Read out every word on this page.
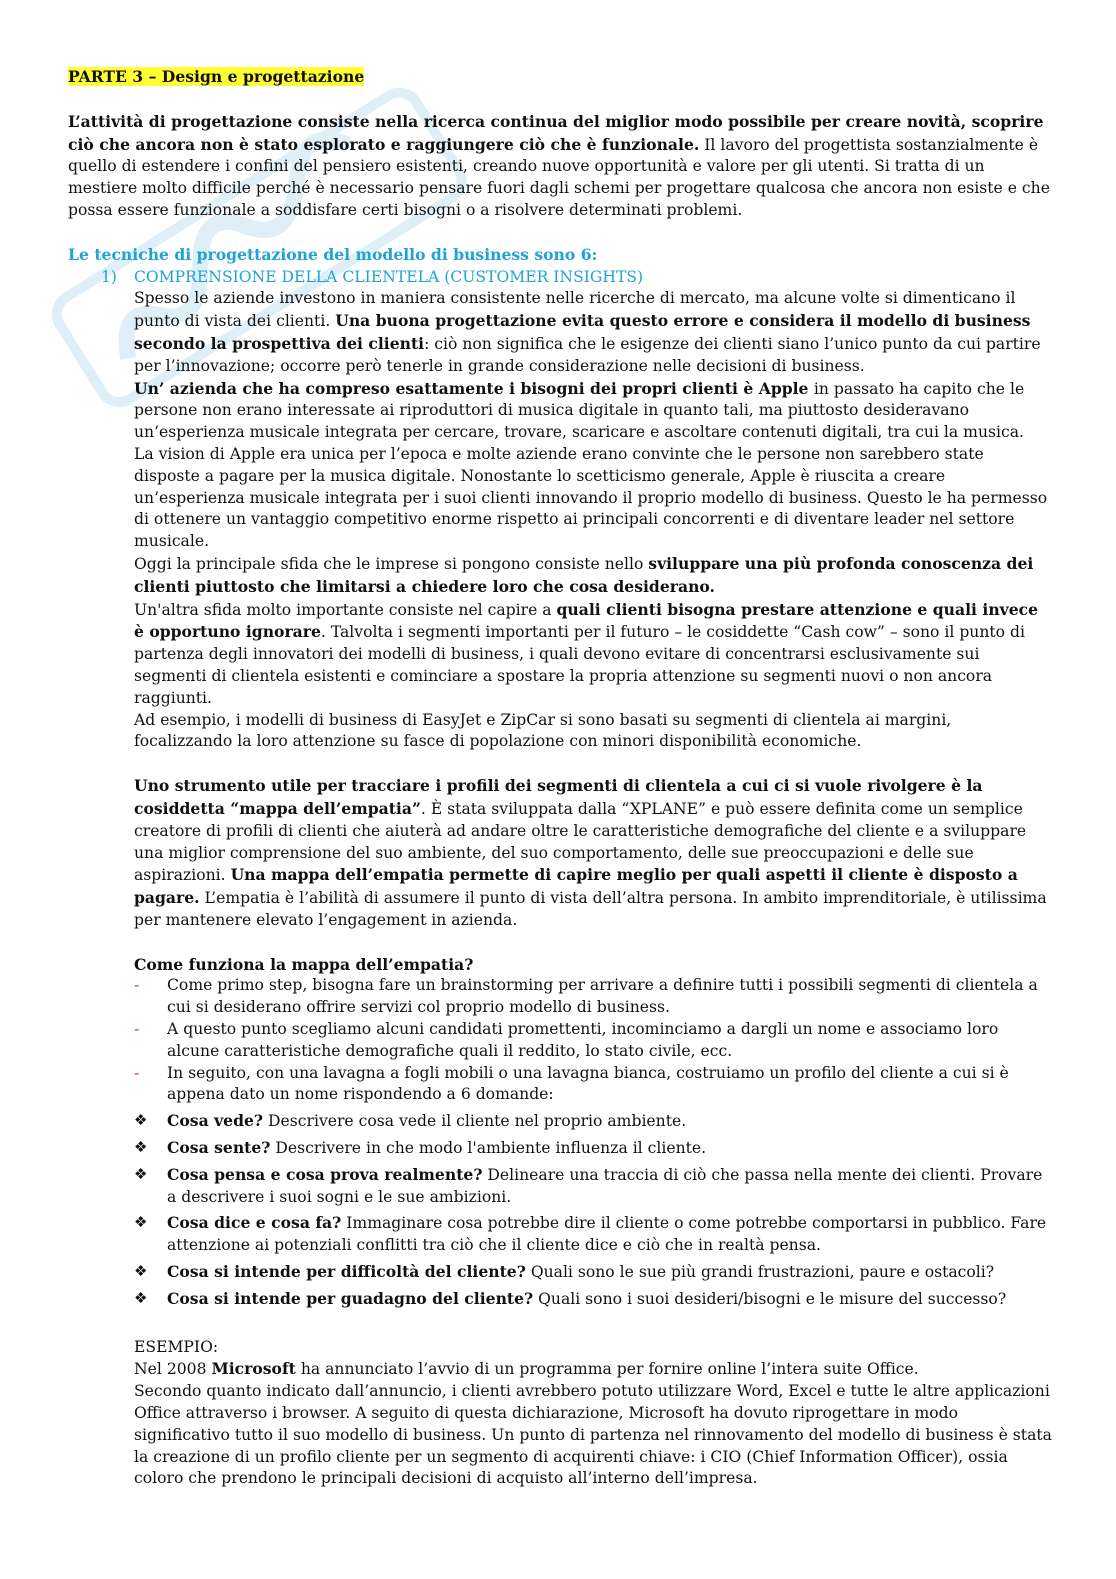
PARTE 3 – Design e progettazione

L’attività di progettazione consiste nella ricerca continua del miglior modo possibile per creare novità, scoprire ciò che ancora non è stato esplorato e raggiungere ciò che è funzionale. Il lavoro del progettista sostanzialmente è quello di estendere i confini del pensiero esistenti, creando nuove opportunità e valore per gli utenti. Si tratta di un mestiere molto difficile perché è necessario pensare fuori dagli schemi per progettare qualcosa che ancora non esiste e che possa essere funzionale a soddisfare certi bisogni o a risolvere determinati problemi.

Le tecniche di progettazione del modello di business sono 6:

1)	COMPRENSIONE DELLA CLIENTELA (CUSTOMER INSIGHTS)

Spesso le aziende investono in maniera consistente nelle ricerche di mercato, ma alcune volte si dimenticano il punto di vista dei clienti. Una buona progettazione evita questo errore e considera il modello di business secondo la prospettiva dei clienti: ciò non significa che le esigenze dei clienti siano l’unico punto da cui partire per l’innovazione; occorre però tenerle in grande considerazione nelle decisioni di business.

Un’ azienda che ha compreso esattamente i bisogni dei propri clienti è Apple in passato ha capito che le persone non erano interessate ai riproduttori di musica digitale in quanto tali, ma piuttosto desideravano un’esperienza musicale integrata per cercare, trovare, scaricare e ascoltare contenuti digitali, tra cui la musica.

La vision di Apple era unica per l’epoca e molte aziende erano convinte che le persone non sarebbero state disposte a pagare per la musica digitale. Nonostante lo scetticismo generale, Apple è riuscita a creare un’esperienza musicale integrata per i suoi clienti innovando il proprio modello di business. Questo le ha permesso di ottenere un vantaggio competitivo enorme rispetto ai principali concorrenti e di diventare leader nel settore musicale.

Oggi la principale sfida che le imprese si pongono consiste nello sviluppare una più profonda conoscenza dei clienti piuttosto che limitarsi a chiedere loro che cosa desiderano.

Un'altra sfida molto importante consiste nel capire a quali clienti bisogna prestare attenzione e quali invece è opportuno ignorare. Talvolta i segmenti importanti per il futuro – le cosiddette “Cash cow” – sono il punto di partenza degli innovatori dei modelli di business, i quali devono evitare di concentrarsi esclusivamente sui segmenti di clientela esistenti e cominciare a spostare la propria attenzione su segmenti nuovi o non ancora raggiunti.

Ad esempio, i modelli di business di EasyJet e ZipCar si sono basati su segmenti di clientela ai margini, focalizzando la loro attenzione su fasce di popolazione con minori disponibilità economiche.

Uno strumento utile per tracciare i profili dei segmenti di clientela a cui ci si vuole rivolgere è la cosiddetta “mappa dell’empatia”. È stata sviluppata dalla “XPLANE” e può essere definita come un semplice creatore di profili di clienti che aiuterà ad andare oltre le caratteristiche demografiche del cliente e a sviluppare una miglior comprensione del suo ambiente, del suo comportamento, delle sue preoccupazioni e delle sue aspirazioni. Una mappa dell’empatia permette di capire meglio per quali aspetti il cliente è disposto a pagare. L’empatia è l’abilità di assumere il punto di vista dell’altra persona. In ambito imprenditoriale, è utilissima per mantenere elevato l’engagement in azienda.

Come funziona la mappa dell’empatia?

- Come primo step, bisogna fare un brainstorming per arrivare a definire tutti i possibili segmenti di clientela a cui si desiderano offrire servizi col proprio modello di business.
- A questo punto scegliamo alcuni candidati promettenti, incominciamo a dargli un nome e associamo loro alcune caratteristiche demografiche quali il reddito, lo stato civile, ecc.
- In seguito, con una lavagna a fogli mobili o una lavagna bianca, costruiamo un profilo del cliente a cui si è appena dato un nome rispondendo a 6 domande:
❖ Cosa vede? Descrivere cosa vede il cliente nel proprio ambiente.
❖ Cosa sente? Descrivere in che modo l'ambiente influenza il cliente.
❖ Cosa pensa e cosa prova realmente? Delineare una traccia di ciò che passa nella mente dei clienti. Provare a descrivere i suoi sogni e le sue ambizioni.
❖ Cosa dice e cosa fa? Immaginare cosa potrebbe dire il cliente o come potrebbe comportarsi in pubblico. Fare attenzione ai potenziali conflitti tra ciò che il cliente dice e ciò che in realtà pensa.
❖ Cosa si intende per difficoltà del cliente? Quali sono le sue più grandi frustrazioni, paure e ostacoli?
❖ Cosa si intende per guadagno del cliente? Quali sono i suoi desideri/bisogni e le misure del successo?

ESEMPIO:

Nel 2008 Microsoft ha annunciato l’avvio di un programma per fornire online l’intera suite Office.

Secondo quanto indicato dall’annuncio, i clienti avrebbero potuto utilizzare Word, Excel e tutte le altre applicazioni Office attraverso i browser. A seguito di questa dichiarazione, Microsoft ha dovuto riprogettare in modo significativo tutto il suo modello di business. Un punto di partenza nel rinnovamento del modello di business è stata la creazione di un profilo cliente per un segmento di acquirenti chiave: i CIO (Chief Information Officer), ossia coloro che prendono le principali decisioni di acquisto all’interno dell’impresa.
